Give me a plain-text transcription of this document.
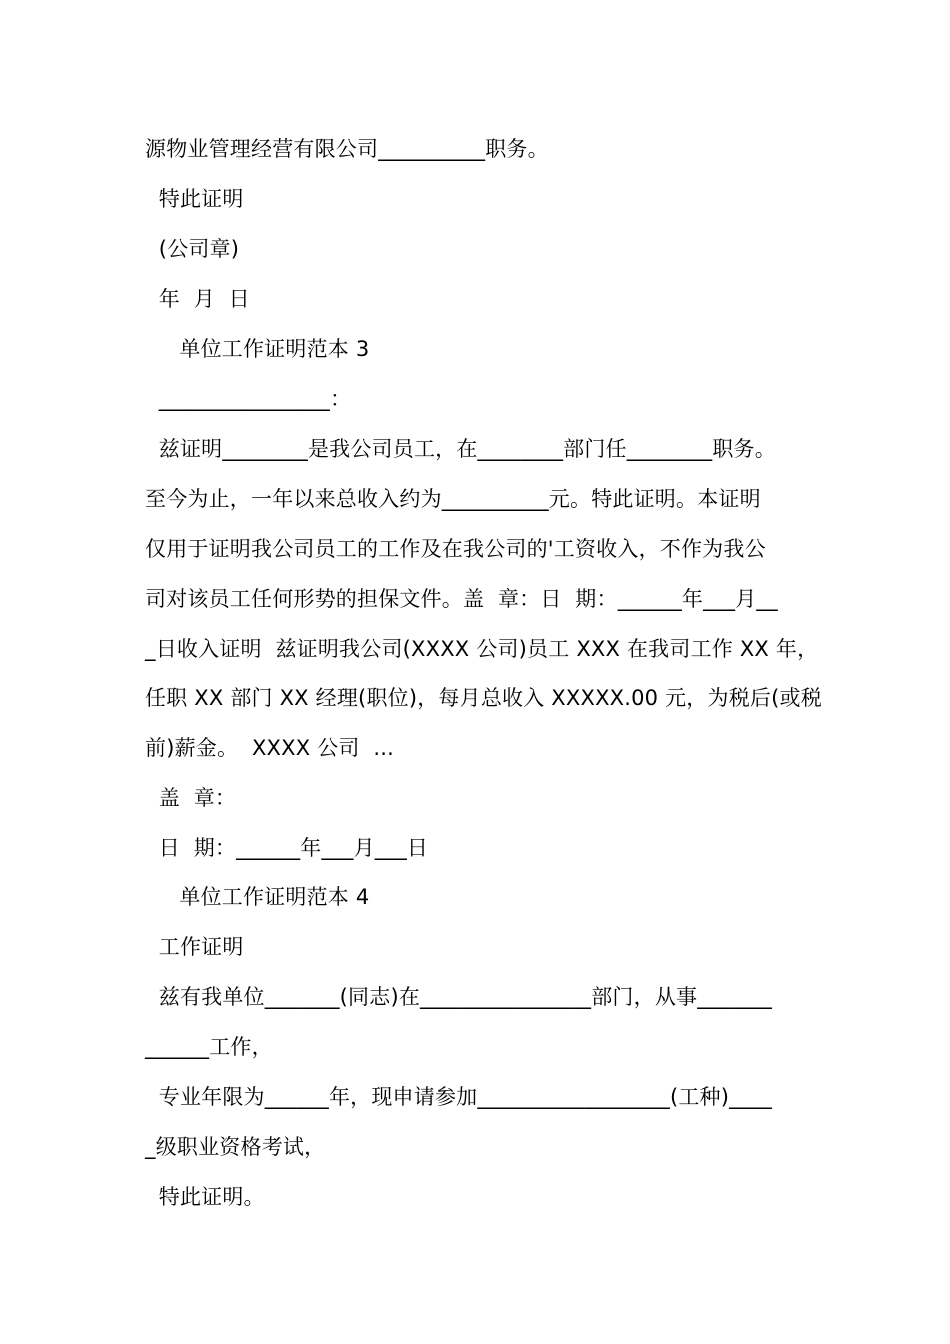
源物业管理经营有限公司__________职务。
特此证明
(公司章)
年  月  日
单位工作证明范本 3
________________：
兹证明________是我公司员工，在________部门任________职务。
至今为止，一年以来总收入约为__________元。特此证明。本证明
仅用于证明我公司员工的工作及在我公司的'工资收入，不作为我公
司对该员工任何形势的担保文件。盖  章：日  期：______年___月__
_日收入证明  兹证明我公司(XXXX 公司)员工 XXX 在我司工作 XX 年，
任职 XX 部门 XX 经理(职位)，每月总收入 XXXXX.00 元，为税后(或税
前)薪金。  XXXX 公司  ...
盖  章：
日  期：______年___月___日
单位工作证明范本 4
工作证明
兹有我单位_______(同志)在________________部门，从事_______
______工作，
专业年限为______年，现申请参加__________________(工种)____
_级职业资格考试，
特此证明。
